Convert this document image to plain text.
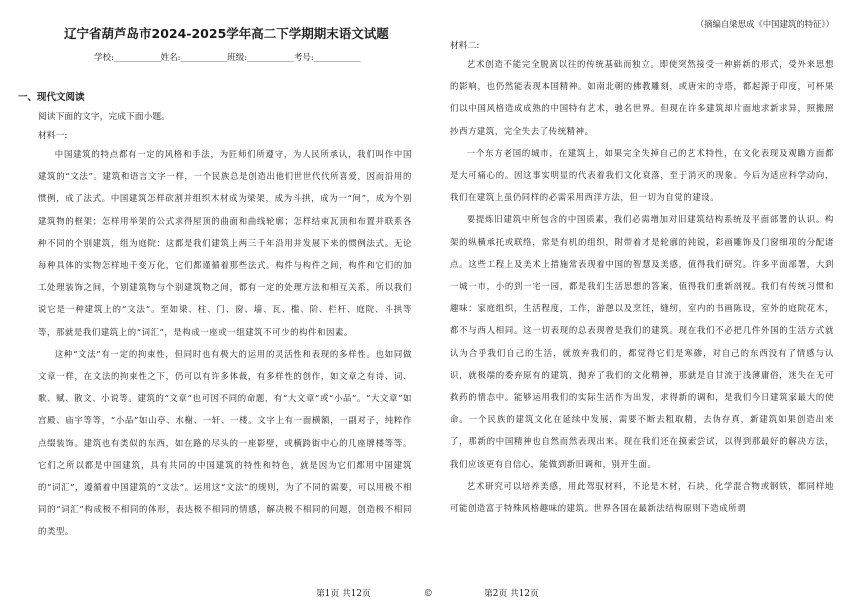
辽宁省葫芦岛市2024-2025学年高二下学期期末语文试题
学校:___________姓名:___________班级:___________考号:___________
一、现代文阅读
阅读下面的文字，完成下面小题。
材料一:

中国建筑的特点都有一定的风格和手法，为匠师们所遵守，为人民所承认，我们叫作中国建筑的“文法”。建筑和语言文字一样，一个民族总是创造出他们世世代代所喜爱，因而沿用的惯例，成了法式。中国建筑怎样砍割并组织木材成为梁架，成为斗拱，成为一“间”，成为个别建筑物的框架；怎样用举架的公式求得屋顶的曲面和曲线轮廓；怎样结束瓦顶和布置并联系各种不同的个别建筑，组为庭院：这都是我们建筑上两三千年沿用并发展下来的惯例法式。无论每种具体的实物怎样地千变万化，它们都谨循着那些法式。构件与构件之间，构件和它们的加工处理装饰之间，个别建筑物与个别建筑物之间，都有一定的处理方法和相互关系，所以我们说它是一种建筑上的“文法”。至如梁、柱、门、窗、墙、瓦、槛、阶、栏杆、庭院、斗拱等等，那就是我们建筑上的“词汇”，是构成一座或一组建筑不可少的构件和因素。

这种“文法”有一定的拘束性，但同时也有极大的运用的灵活性和表现的多样性。也如同做文章一样，在文法的拘束性之下，仍可以有许多体裁，有多样性的创作，如文章之有诗、词、歌、赋、散文、小说等。建筑的“文章”也可因不同的命题，有“大文章”或“小品”。“大文章”如宫殿、庙宇等等，“小品”如山亭、水榭、一轩、一楼。文字上有一面横额，一副对子，纯粹作点缀装饰。建筑也有类似的东西，如在路的尽头的一座影壁，或横跨街中心的几座牌楼等等。它们之所以都是中国建筑，具有共同的中国建筑的特性和特色，就是因为它们都用中国建筑的“词汇”，遵循着中国建筑的“文法”。运用这“文法”的规则，为了不同的需要，可以用极不相同的“词汇”构成极不相同的体形，表达极不相同的情感，解决极不相同的问题，创造极不相同的类型。

（摘编自梁思成《中国建筑的特征》）
材料二:

艺术创造不能完全脱离以往的传统基础而独立。即使突然接受一种崭新的形式，受外来思想的影响，也仍然能表现本国精神。如南北朝的佛教雕刻，或唐宋的寺塔，都起源于印度，可杯果们以中国风格造成成熟的中国特有艺术，驰名世界。但现在许多建筑却片面地求新求异，照搬照抄西方建筑，完全失去了传统精神。

一个东方老国的城市，在建筑上，如果完全失掉自己的艺术特性，在文化表现及观瞻方面都是大可痛心的。因这事实明显的代表着我们文化衰落，至于消灭的现象。今后为适应科学动向，我们在建筑上虽仍同样的必需采用西洋方法，但一切为自觉的建设。

要提炼旧建筑中所包含的中国质素，我们必需增加对旧建筑结构系统及平面部署的认识。构架的纵横承托或联络，常是有机的组织，附带着才是轮廓的钝锐，彩画雕饰及门窗细项的分配诸点。这些工程上及美术上措施常表现着中国的智慧及美感，值得我们研究。许多平面部署，大到一城一市，小的到一宅一园，都是我们生活思想的答案，值得我们重新剖视。我们有传统习惯和趣味：家庭组织，生活程度，工作，游憩以及烹饪，缝纫，室内的书画陈设，室外的庭院花木，都不与西人相同。这一切表现的总表现曾是我们的建筑。现在我们不必把几件外国的生活方式就认为合乎我们自己的生活，就放弃我们的，都觉得它们是寒碜，对自己的东西没有了情感与认识，就极端的委弃原有的建筑，抛弃了我们的文化精神，那就是自甘流于浅薄庸俗，迷失在无可救药的情态中。能够运用我们的实际生活作为出发，求得新的调和，是我们今日建筑家最大的使命。一个民族的建筑文化在延续中发展，需要不断去粗取精，去伪存真，新建筑如果创造出来了，那新的中国精神也自然而然表现出来。现在我们还在摸索尝试，以得到那最好的解决方法，我们应该更有自信心，能做到新旧调和，别开生面。

艺术研究可以培养美感，用此驾驭材料，不论是木材，石块，化学混合物或钢铁，都同样地可能创造富于特殊风格趣味的建筑。世界各国在最新法结构原则下造成所谓

第1页 共12页	©	第2页 共12页
